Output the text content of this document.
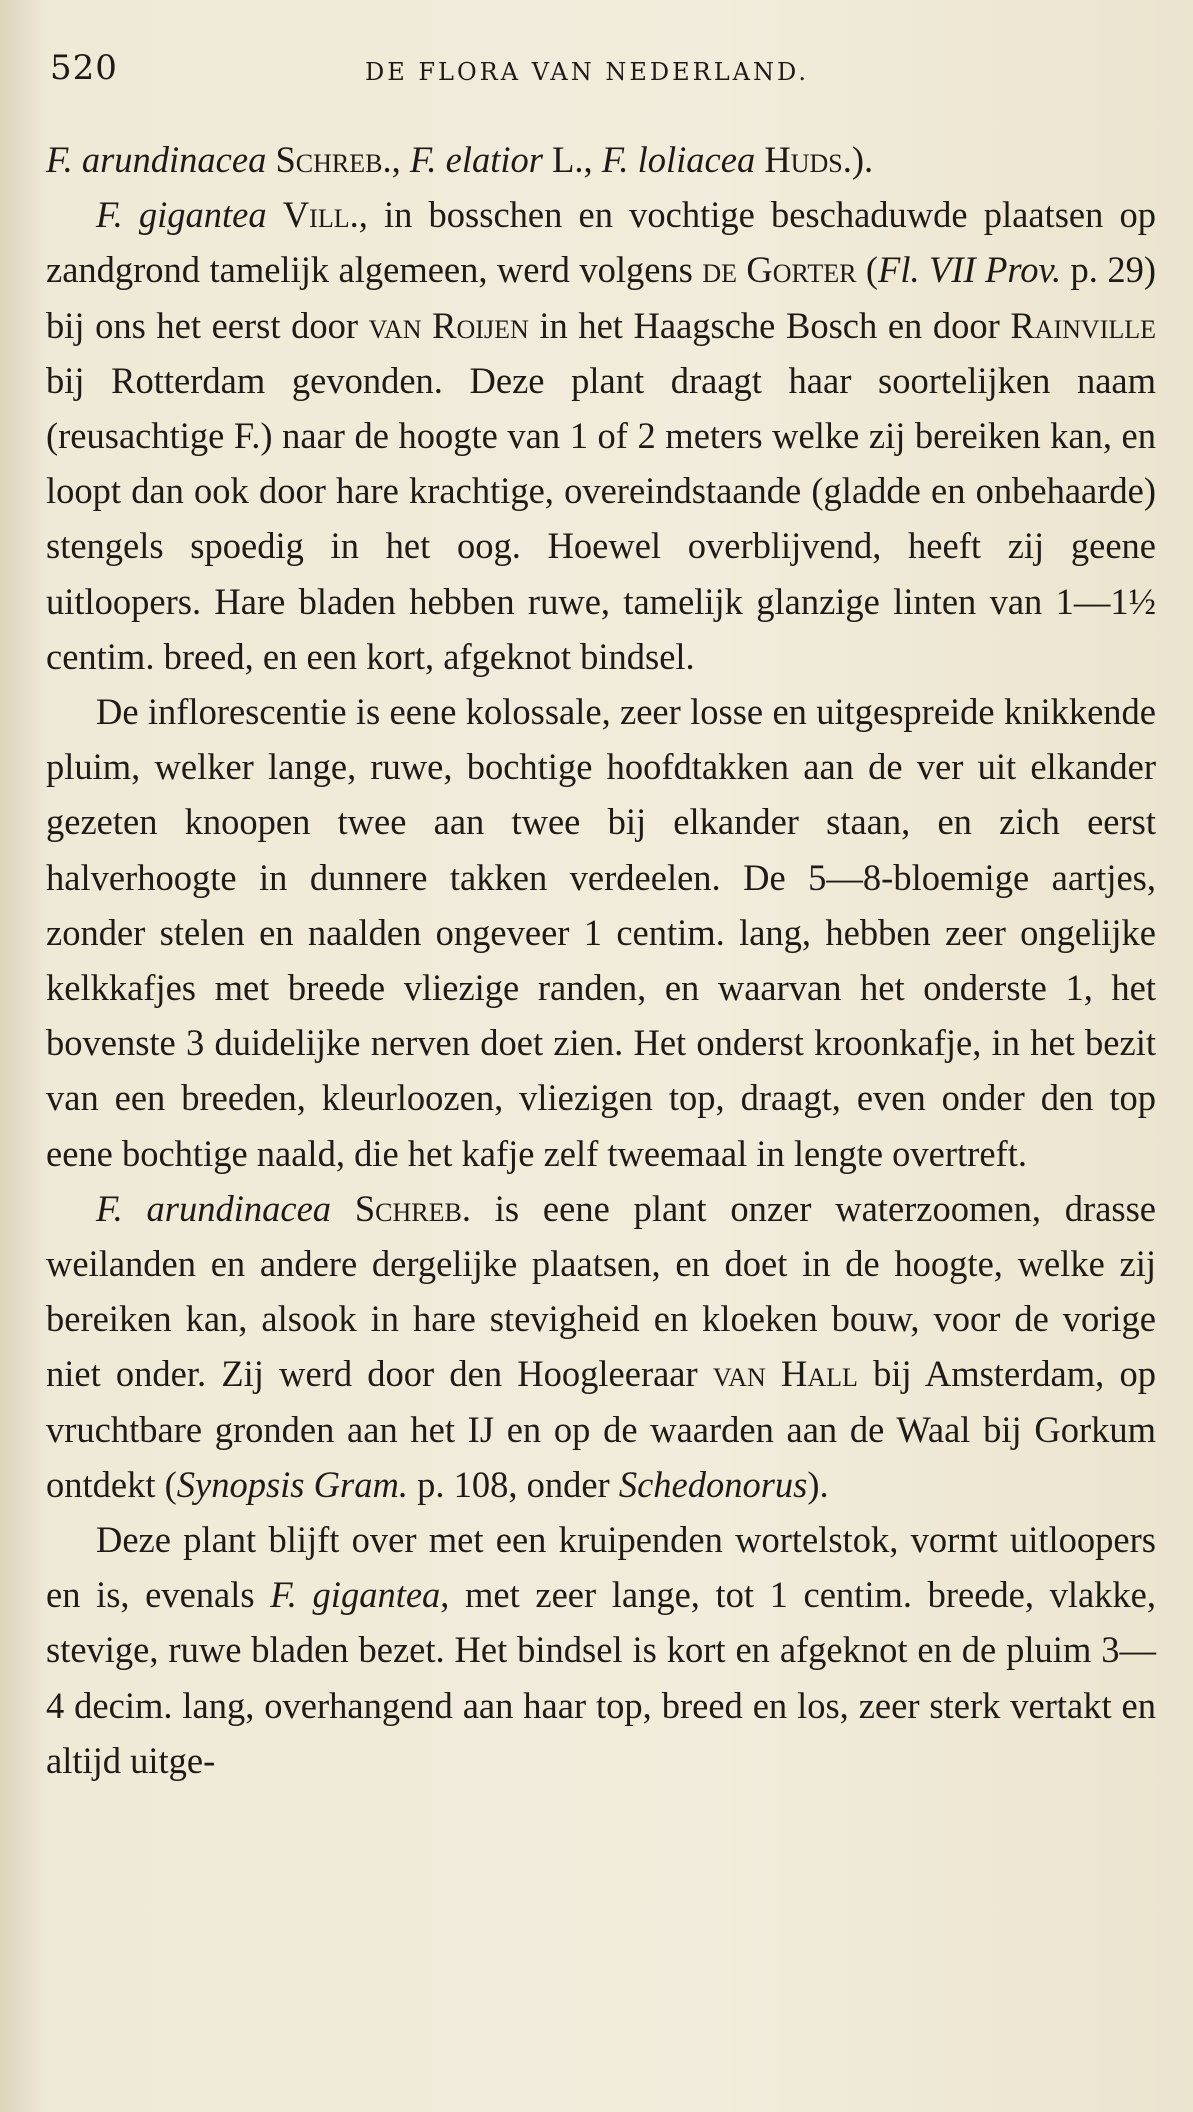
520	DE FLORA VAN NEDERLAND.

F. arundinacea Schreb., F. elatior L., F. loliacea Huds.).

F. gigantea Vill., in bosschen en vochtige beschaduwde plaatsen op zandgrond tamelijk algemeen, werd volgens de Gorter (Fl. VII Prov. p. 29) bij ons het eerst door van Roijen in het Haagsche Bosch en door Rainville bij Rotterdam gevonden. Deze plant draagt haar soortelijken naam (reusachtige F.) naar de hoogte van 1 of 2 meters welke zij bereiken kan, en loopt dan ook door hare krachtige, overeindstaande (gladde en onbehaarde) stengels spoedig in het oog. Hoewel overblijvend, heeft zij geene uitloopers. Hare bladen hebben ruwe, tamelijk glanzige linten van 1—1½ centim. breed, en een kort, afgeknot bindsel.

De inflorescentie is eene kolossale, zeer losse en uitgespreide knikkende pluim, welker lange, ruwe, bochtige hoofdtakken aan de ver uit elkander gezeten knoopen twee aan twee bij elkander staan, en zich eerst halverhoogte in dunnere takken verdeelen. De 5—8-bloemige aartjes, zonder stelen en naalden ongeveer 1 centim. lang, hebben zeer ongelijke kelkkafjes met breede vliezige randen, en waarvan het onderste 1, het bovenste 3 duidelijke nerven doet zien. Het onderst kroonkafje, in het bezit van een breeden, kleurloozen, vliezigen top, draagt, even onder den top eene bochtige naald, die het kafje zelf tweemaal in lengte overtreft.

F. arundinacea Schreb. is eene plant onzer waterzoomen, drasse weilanden en andere dergelijke plaatsen, en doet in de hoogte, welke zij bereiken kan, alsook in hare stevigheid en kloeken bouw, voor de vorige niet onder. Zij werd door den Hoogleeraar van Hall bij Amsterdam, op vruchtbare gronden aan het IJ en op de waarden aan de Waal bij Gorkum ontdekt (Synopsis Gram. p. 108, onder Schedonorus).

Deze plant blijft over met een kruipenden wortelstok, vormt uitloopers en is, evenals F. gigantea, met zeer lange, tot 1 centim. breede, vlakke, stevige, ruwe bladen bezet. Het bindsel is kort en afgeknot en de pluim 3—4 decim. lang, overhangend aan haar top, breed en los, zeer sterk vertakt en altijd uitge-
